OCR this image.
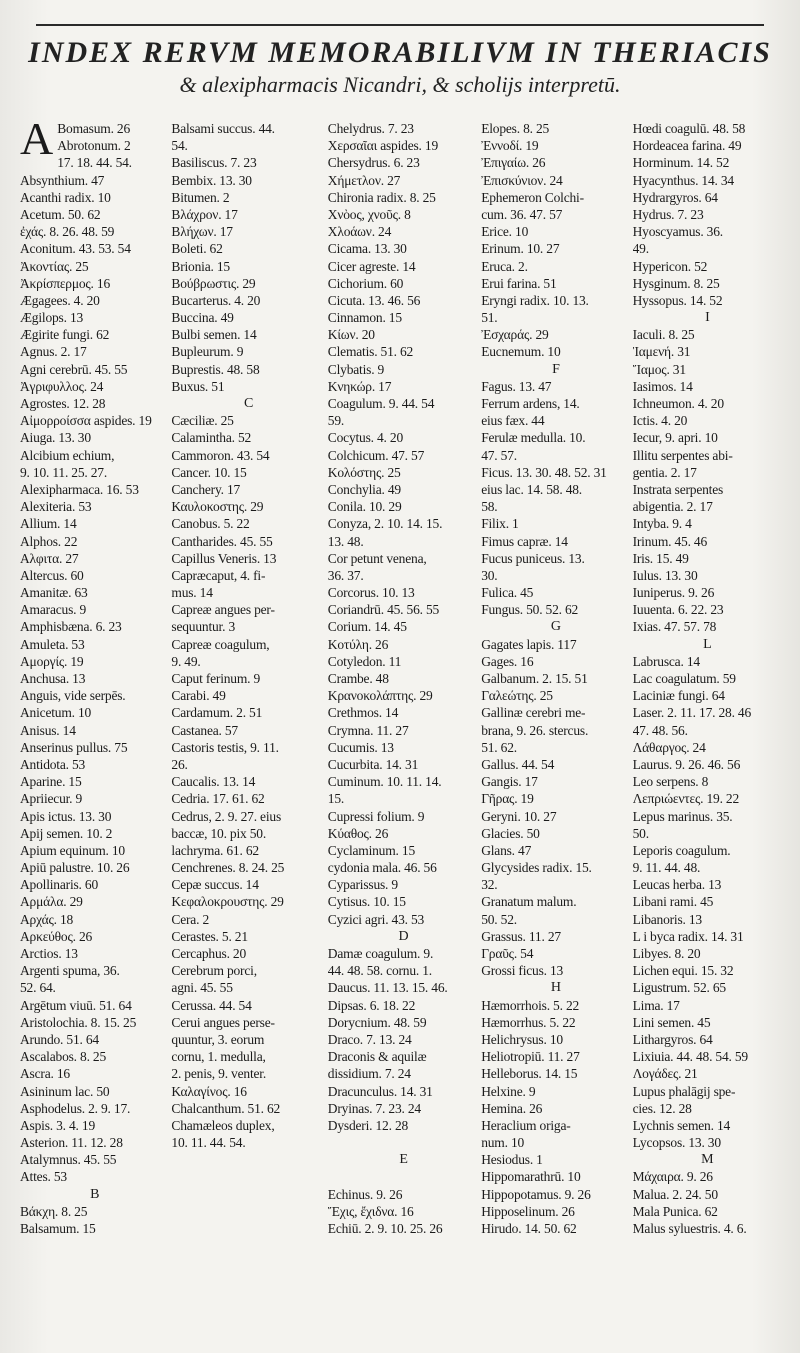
INDEX RERVM MEMORABILIVM IN THERIACIS
& alexipharmacis Nicandri, & scholijs interpretū.
A Bomasum. 26
Abrotonum. 2
17. 18. 44. 54.
Absynthium. 47
Acanthi radix. 10
Acetum. 50. 62
ἐχάς. 8. 26. 48. 59
Aconitum. 43. 53. 54
Ἀκοντίας. 25
Ἀκρίσπερμος. 16
Ægagees. 4. 20
Ægilops. 13
Ægirite fungi. 62
Agnus. 2. 17
Agni cerebrū. 45. 55
Ἀγριφυλλος. 24
Agrostes. 12. 28
Αἰμορροίσσα aspides. 19
Aiuga. 13. 30
Alcibium echium,
9. 10. 11. 25. 27.
Alexipharmaca. 16. 53
Alexiteria. 53
Allium. 14
Alphos. 22
Αλφιτα. 27
Altercus. 60
Amanitæ. 63
Amaracus. 9
Amphisbæna. 6. 23
Amuleta. 53
Αμοργίς. 19
Anchusa. 13
Anguis, vide serpēs.
Anicetum. 10
Anisus. 14
Anserinus pullus. 75
Antidota. 53
Aparine. 15
Apriiecur. 9
Apis ictus. 13. 30
Apij semen. 10. 2
Apium equinum. 10
Apiū palustre. 10. 26
Apollinaris. 60
Αρμάλα. 29
Αρχάς. 18
Αρκεύθος. 26
Arctios. 13
Argenti spuma, 36.
52. 64.
Argētum viuū. 51. 64
Aristolochia. 8. 15. 25
Arundo. 51. 64
Ascalabos. 8. 25
Ascra. 16
Asininum lac. 50
Asphodelus. 2. 9. 17.
Aspis. 3. 4. 19
Asterion. 11. 12. 28
Atalymnus. 45. 55
Attes. 53
B
Βάκχη. 8. 25
Balsamum. 15
Balsami succus. 44.
54.
Basiliscus. 7. 23
Bembix. 13. 30
Bitumen. 2
Βλάχρον. 17
Βλήχων. 17
Boleti. 62
Brionia. 15
Βούβρωστις. 29
Bucarterus. 4. 20
Buccina. 49
Bulbi semen. 14
Bupleurum. 9
Buprestis. 48. 58
Buxus. 51
C
Cæciliæ. 25
Calamintha. 52
Cammoron. 43. 54
Cancer. 10. 15
Canchery. 17
Καυλοκοστης. 29
Canobus. 5. 22
Cantharides. 45. 55
Capillus Veneris. 13
Capræcaput, 4. fi-
mus. 14
Capreæ angues per-
sequuntur. 3
Capreæ coagulum,
9. 49.
Caput ferinum. 9
Carabi. 49
Cardamum. 2. 51
Castanea. 57
Castoris testis, 9. 11.
26.
Caucalis. 13. 14
Cedria. 17. 61. 62
Cedrus, 2. 9. 27. eius
baccæ, 10. pix 50.
lachryma. 61. 62
Cenchrenes. 8. 24. 25
Cepæ succus. 14
Κεφαλοκρουστης. 29
Cera. 2
Cerastes. 5. 21
Cercaphus. 20
Cerebrum porci,
agni. 45. 55
Cerussa. 44. 54
Cerui angues perse-
quuntur, 3. eorum
cornu, 1. medulla,
2. penis, 9. venter.
Καλαγίνος. 16
Chalcanthum. 51. 62
Chamæleos duplex,
10. 11. 44. 54.
Chelydrus. 7. 23
Χερσαῖαι aspides. 19
Chersydrus. 6. 23
Χήμετλον. 27
Chironia radix. 8. 25
Χνὸος, χνοῦς. 8
Χλοάων. 24
Cicama. 13. 30
Cicer agreste. 14
Cichorium. 60
Cicuta. 13. 46. 56
Cinnamon. 15
Κίων. 20
Clematis. 51. 62
Clybatis. 9
Κνηκώρ. 17
Coagulum. 9. 44. 54
59.
Cocytus. 4. 20
Colchicum. 47. 57
Κολόστης. 25
Conchylia. 49
Conila. 10. 29
Conyza, 2. 10. 14. 15.
13. 48.
Cor petunt venena,
36. 37.
Corcorus. 10. 13
Coriandrū. 45. 56. 55
Corium. 14. 45
Κοτύλη. 26
Cotyledon. 11
Crambe. 48
Κρανοκολάπτης. 29
Crethmos. 14
Crymna. 11. 27
Cucumis. 13
Cucurbita. 14. 31
Cuminum. 10. 11. 14.
15.
Cupressi folium. 9
Κύαθος. 26
Cyclaminum. 15
cydonia mala. 46. 56
Cyparissus. 9
Cytisus. 10. 15
Cyzici agri. 43. 53
D
Damæ coagulum. 9.
44. 48. 58. cornu. 1.
Daucus. 11. 13. 15. 46.
Dipsas. 6. 18. 22
Dorycnium. 48. 59
Draco. 7. 13. 24
Draconis & aquilæ
dissidium. 7. 24
Dracunculus. 14. 31
Dryinas. 7. 23. 24
Dysderi. 12. 28
E
Echinus. 9. 26
Ἔχις, ἔχιδνα. 16
Echiū. 2. 9. 10. 25. 26
Elopes. 8. 25
Ἐννοδί. 19
Ἐπιγαίω. 26
Ἐπισκύνιον. 24
Ephemeron Colchi-
cum. 36. 47. 57
Erice. 10
Erinum. 10. 27
Eruca. 2.
Erui farina. 51
Eryngi radix. 10. 13.
51.
Ἐσχαράς. 29
Eucnemum. 10
F
Fagus. 13. 47
Ferrum ardens, 14.
eius fæx. 44
Ferulæ medulla. 10.
47. 57.
Ficus. 13. 30. 48. 52. 31
eius lac. 14. 58. 48.
58.
Filix. 1
Fimus capræ. 14
Fucus puniceus. 13.
30.
Fulica. 45
Fungus. 50. 52. 62
G
Gagates lapis. 117
Gages. 16
Galbanum. 2. 15. 51
Γαλεώτης. 25
Gallinæ cerebri me-
brana, 9. 26. stercus.
51. 62.
Gallus. 44. 54
Gangis. 17
Γῆρας. 19
Geryni. 10. 27
Glacies. 50
Glans. 47
Glycysides radix. 15.
32.
Granatum malum.
50. 52.
Grassus. 11. 27
Γραῦς. 54
Grossi ficus. 13
H
Hæmorrhois. 5. 22
Hæmorrhus. 5. 22
Helichrysus. 10
Heliotropiū. 11. 27
Helleborus. 14. 15
Helxine. 9
Hemina. 26
Heraclium origa-
num. 10
Hesiodus. 1
Hippomarathrū. 10
Hippopotamus. 9. 26
Hipposelinum. 26
Hirudo. 14. 50. 62
Hœdi coagulū. 48. 58
Hordeacea farina. 49
Horminum. 14. 52
Hyacynthus. 14. 34
Hydrargyros. 64
Hydrus. 7. 23
Hyoscyamus. 36.
49.
Hypericon. 52
Hysginum. 8. 25
Hyssopus. 14. 52
I
Iaculi. 8. 25
Ἰαμενή. 31
Ἴαμος. 31
Iasimos. 14
Ichneumon. 4. 20
Ictis. 4. 20
Iecur, 9. apri. 10
Illitu serpentes abi-
gentia. 2. 17
Instrata serpentes
abigentia. 2. 17
Intyba. 9. 4
Irinum. 45. 46
Iris. 15. 49
Iulus. 13. 30
Iuniperus. 9. 26
Iuuenta. 6. 22. 23
Ixias. 47. 57. 78
L
Labrusca. 14
Lac coagulatum. 59
Laciniæ fungi. 64
Laser. 2. 11. 17. 28. 46
47. 48. 56.
Λάθαργος. 24
Laurus. 9. 26. 46. 56
Leo serpens. 8
Λεπριώεντες. 19. 22
Lepus marinus. 35.
50.
Leporis coagulum.
9. 11. 44. 48.
Leucas herba. 13
Libani rami. 45
Libanoris. 13
L i byca radix. 14. 31
Libyes. 8. 20
Lichen equi. 15. 32
Ligustrum. 52. 65
Lima. 17
Lini semen. 45
Lithargyros. 64
Lixiuia. 44. 48. 54. 59
Λογάδες. 21
Lupus phalāgij spe-
cies. 12. 28
Lychnis semen. 14
Lycopsos. 13. 30
M
Μάχαιρα. 9. 26
Malua. 2. 24. 50
Mala Punica. 62
Malus syluestris. 4. 6.
